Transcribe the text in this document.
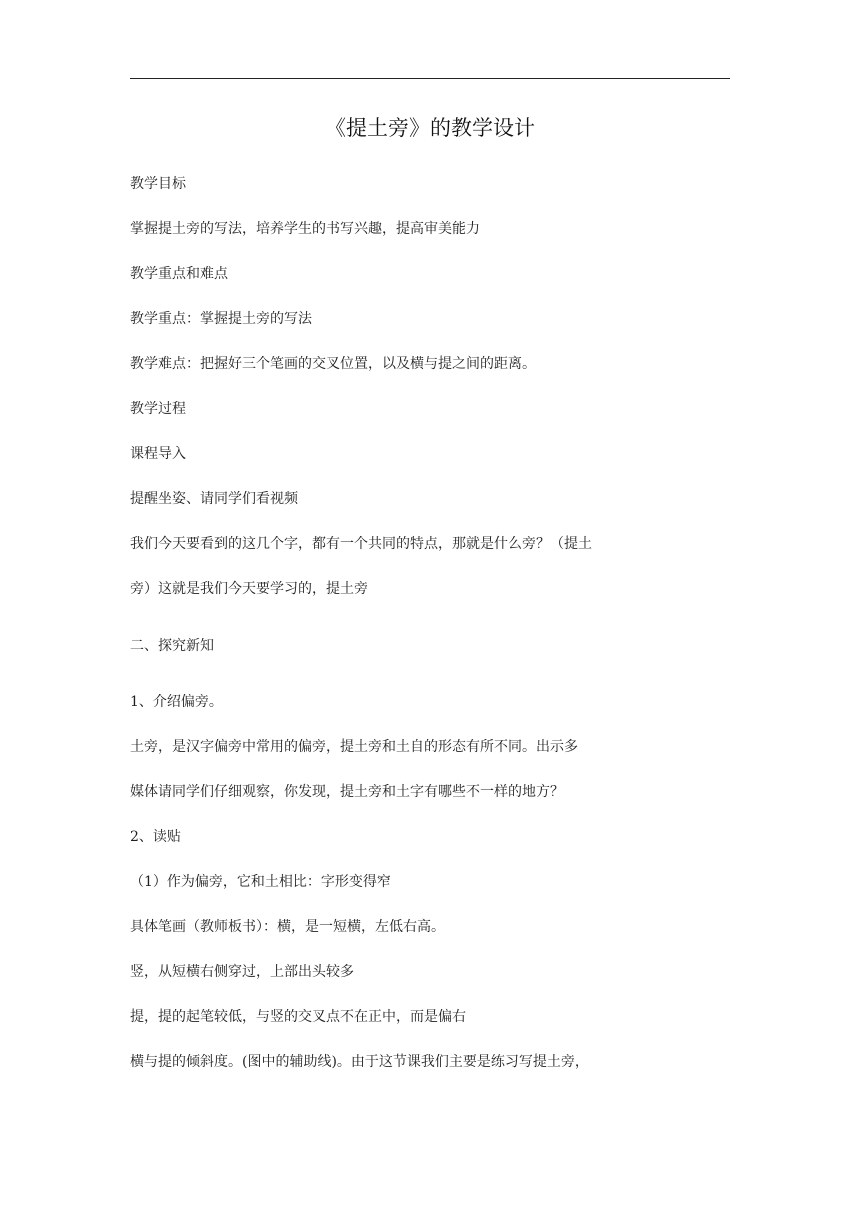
《提土旁》的教学设计
教学目标
掌握提土旁的写法，培养学生的书写兴趣，提高审美能力
教学重点和难点
教学重点：掌握提土旁的写法
教学难点：把握好三个笔画的交叉位置，以及横与提之间的距离。
教学过程
课程导入
提醒坐姿、请同学们看视频
我们今天要看到的这几个字，都有一个共同的特点，那就是什么旁？（提土
旁）这就是我们今天要学习的，提土旁
二、探究新知
1、介绍偏旁。
土旁，是汉字偏旁中常用的偏旁，提土旁和土自的形态有所不同。出示多
媒体请同学们仔细观察，你发现，提土旁和土字有哪些不一样的地方？
2、读贴
（1）作为偏旁，它和土相比：字形变得窄
具体笔画（教师板书）：横，是一短横，左低右高。
竖，从短横右侧穿过，上部出头较多
提，提的起笔较低，与竖的交叉点不在正中，而是偏右
横与提的倾斜度。(图中的辅助线)。由于这节课我们主要是练习写提土旁，
